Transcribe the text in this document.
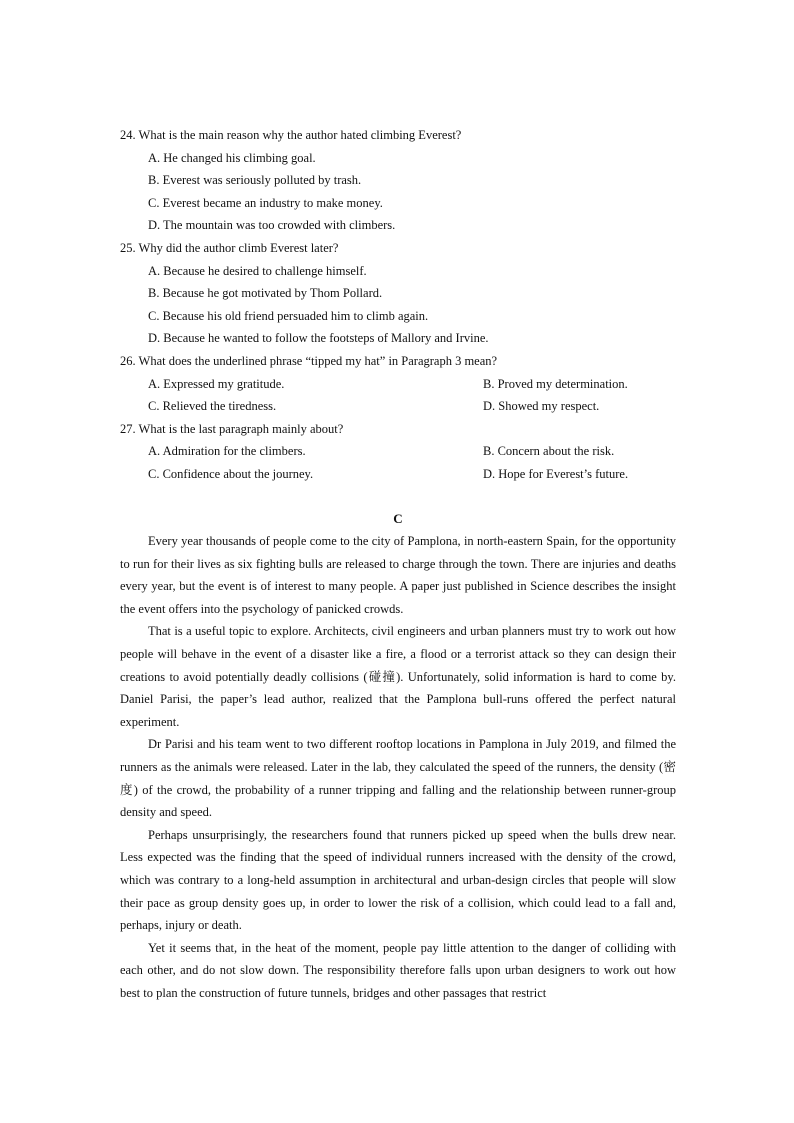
24. What is the main reason why the author hated climbing Everest?
A. He changed his climbing goal.
B. Everest was seriously polluted by trash.
C. Everest became an industry to make money.
D. The mountain was too crowded with climbers.
25. Why did the author climb Everest later?
A. Because he desired to challenge himself.
B. Because he got motivated by Thom Pollard.
C. Because his old friend persuaded him to climb again.
D. Because he wanted to follow the footsteps of Mallory and Irvine.
26. What does the underlined phrase “tipped my hat” in Paragraph 3 mean?
A. Expressed my gratitude.	B. Proved my determination.
C. Relieved the tiredness.	D. Showed my respect.
27. What is the last paragraph mainly about?
A. Admiration for the climbers.	B. Concern about the risk.
C. Confidence about the journey.	D. Hope for Everest’s future.
C

Every year thousands of people come to the city of Pamplona, in north-eastern Spain, for the opportunity to run for their lives as six fighting bulls are released to charge through the town. There are injuries and deaths every year, but the event is of interest to many people. A paper just published in Science describes the insight the event offers into the psychology of panicked crowds.

That is a useful topic to explore. Architects, civil engineers and urban planners must try to work out how people will behave in the event of a disaster like a fire, a flood or a terrorist attack so they can design their creations to avoid potentially deadly collisions (碰撞). Unfortunately, solid information is hard to come by. Daniel Parisi, the paper’s lead author, realized that the Pamplona bull-runs offered the perfect natural experiment.

Dr Parisi and his team went to two different rooftop locations in Pamplona in July 2019, and filmed the runners as the animals were released. Later in the lab, they calculated the speed of the runners, the density (密度) of the crowd, the probability of a runner tripping and falling and the relationship between runner-group density and speed.

Perhaps unsurprisingly, the researchers found that runners picked up speed when the bulls drew near. Less expected was the finding that the speed of individual runners increased with the density of the crowd, which was contrary to a long-held assumption in architectural and urban-design circles that people will slow their pace as group density goes up, in order to lower the risk of a collision, which could lead to a fall and, perhaps, injury or death.

Yet it seems that, in the heat of the moment, people pay little attention to the danger of colliding with each other, and do not slow down. The responsibility therefore falls upon urban designers to work out how best to plan the construction of future tunnels, bridges and other passages that restrict
